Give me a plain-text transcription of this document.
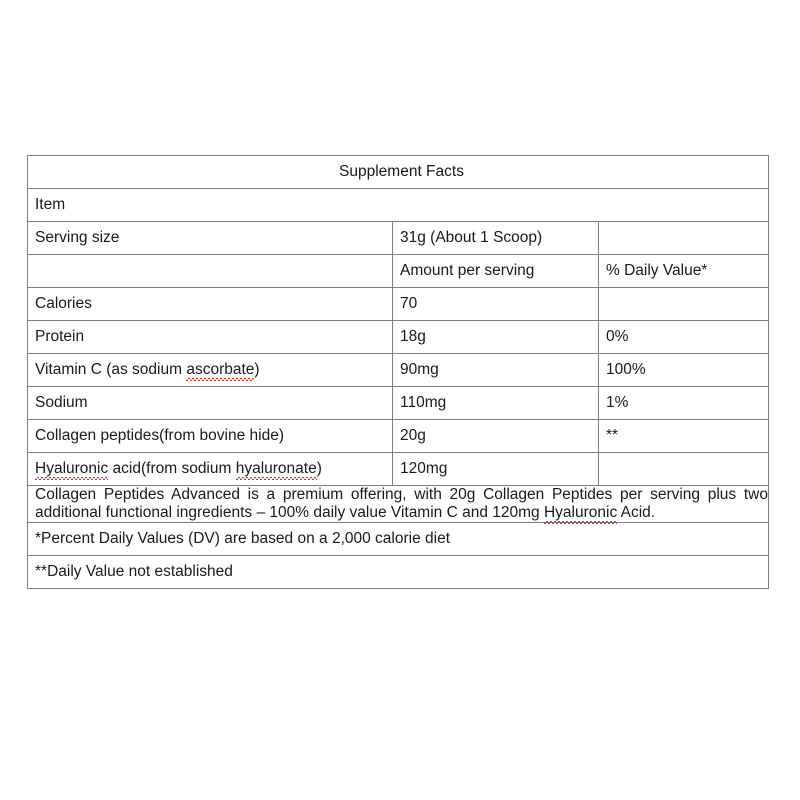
Supplement Facts		

Item		
Serving size	31g (About 1 Scoop)	
	Amount per serving	% Daily Value*
Calories	70	
Protein	18g	0%
Vitamin C (as sodium ascorbate)	90mg	100%
Sodium	110mg	1%
Collagen peptides(from bovine hide)	20g	**
Hyaluronic acid(from sodium hyaluronate)	120mg	
Collagen Peptides Advanced is a premium offering, with 20g Collagen Peptides per serving plus two additional functional ingredients – 100% daily value Vitamin C and 120mg Hyaluronic Acid.		
*Percent Daily Values (DV) are based on a 2,000 calorie diet		
**Daily Value not established		
